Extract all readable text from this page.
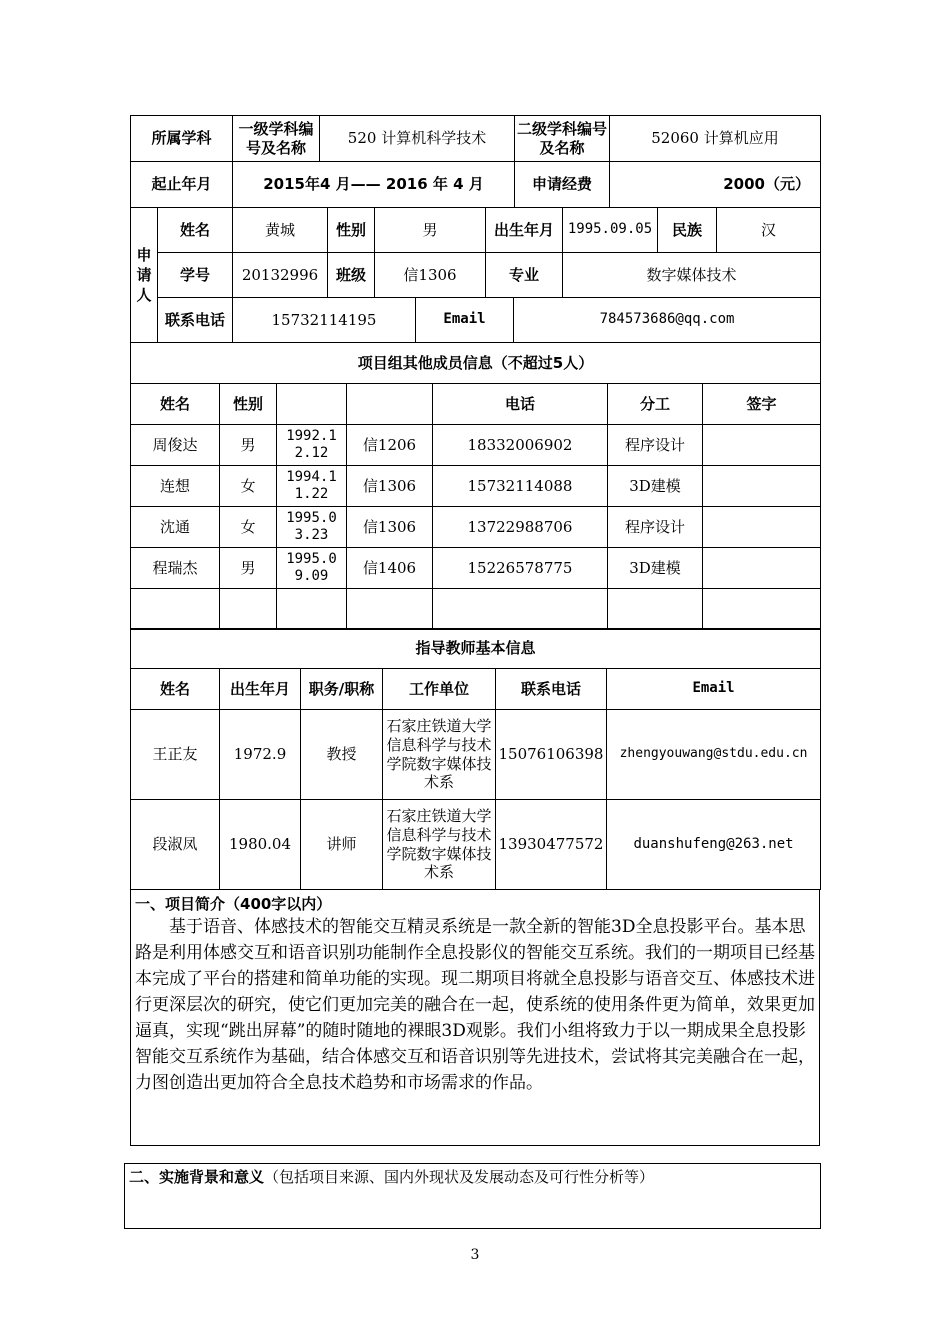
所属学科	一级学科编号及名称	520 计算机科学技术	二级学科编号及名称	52060 计算机应用
起止年月	2015年4 月—— 2016 年 4 月	申请经费	2000（元）
申请人
姓名	黄城	性别	男	出生年月	1995.09.05	民族	汉
学号	20132996	班级	信1306	专业	数字媒体技术
联系电话	15732114195	Email	784573686@qq.com
项目组其他成员信息（不超过5人）						
姓名	性别			电话	分工	签字
周俊达	男	1992.12.12	信1206	18332006902	程序设计	
连想	女	1994.11.22	信1306	15732114088	3D建模	
沈通	女	1995.03.23	信1306	13722988706	程序设计	
程瑞杰	男	1995.09.09	信1406	15226578775	3D建模	

指导教师基本信息					
姓名	出生年月	职务/职称	工作单位	联系电话	Email
王正友	1972.9	教授	石家庄铁道大学信息科学与技术学院数字媒体技术系	15076106398	zhengyouwang@stdu.edu.cn
段淑凤	1980.04	讲师	石家庄铁道大学信息科学与技术学院数字媒体技术系	13930477572	duanshufeng@263.net
一、项目简介（400字以内）
基于语音、体感技术的智能交互精灵系统是一款全新的智能3D全息投影平台。基本思路是利用体感交互和语音识别功能制作全息投影仪的智能交互系统。我们的一期项目已经基本完成了平台的搭建和简单功能的实现。现二期项目将就全息投影与语音交互、体感技术进行更深层次的研究，使它们更加完美的融合在一起，使系统的使用条件更为简单，效果更加逼真，实现“跳出屏幕”的随时随地的裸眼3D观影。我们小组将致力于以一期成果全息投影智能交互系统作为基础，结合体感交互和语音识别等先进技术，尝试将其完美融合在一起，力图创造出更加符合全息技术趋势和市场需求的作品。
二、实施背景和意义（包括项目来源、国内外现状及发展动态及可行性分析等）
3
